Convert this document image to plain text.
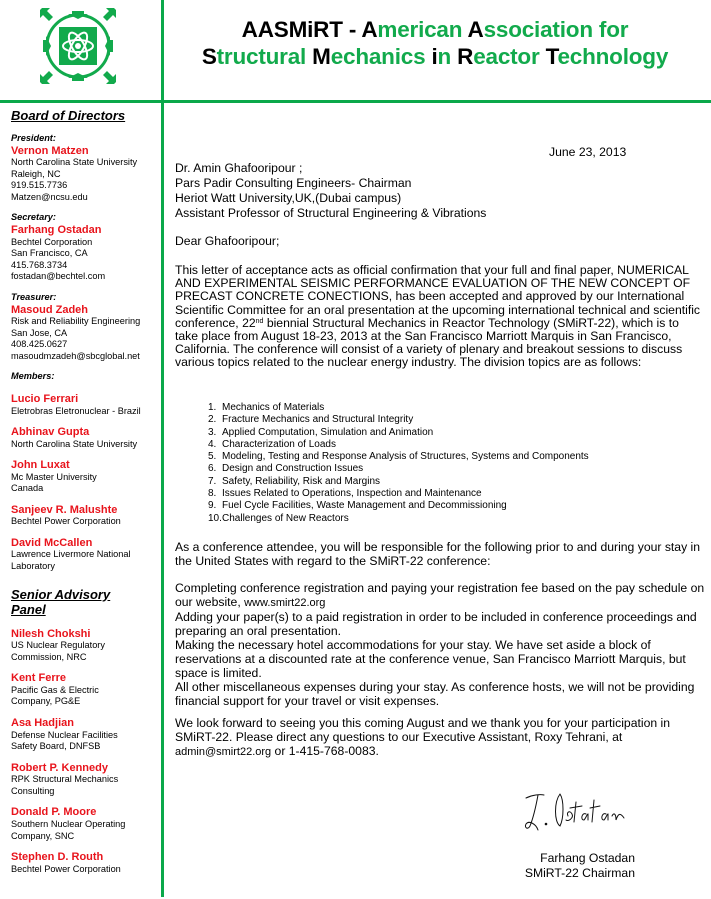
AASMiRT - American Association for
Structural Mechanics in Reactor Technology
Board of Directors
President:
Vernon Matzen
North Carolina State University
Raleigh, NC
919.515.7736
Matzen@ncsu.edu
Secretary:
Farhang Ostadan
Bechtel Corporation
San Francisco, CA
415.768.3734
fostadan@bechtel.com
Treasurer:
Masoud Zadeh
Risk and Reliability Engineering
San Jose, CA
408.425.0627
masoudmzadeh@sbcglobal.net
Members:
Lucio Ferrari
Eletrobras Eletronuclear - Brazil
Abhinav Gupta
North Carolina State University
John Luxat
Mc Master University
Canada
Sanjeev R. Malushte
Bechtel Power Corporation
David McCallen
Lawrence Livermore National
Laboratory
Senior Advisory
Panel
Nilesh Chokshi
US Nuclear Regulatory
Commission, NRC
Kent Ferre
Pacific Gas & Electric
Company, PG&E
Asa Hadjian
Defense Nuclear Facilities
Safety Board, DNFSB
Robert P. Kennedy
RPK Structural Mechanics
Consulting
Donald P. Moore
Southern Nuclear Operating
Company, SNC
Stephen D. Routh
Bechtel Power Corporation
June 23, 2013
Dr. Amin Ghafooripour ;
Pars Padir Consulting Engineers- Chairman
Heriot Watt University,UK,(Dubai campus)
Assistant Professor of Structural Engineering & Vibrations
Dear Ghafooripour;
This letter of acceptance acts as official confirmation that your full and final paper, NUMERICAL AND EXPERIMENTAL SEISMIC PERFORMANCE EVALUATION OF THE NEW CONCEPT OF PRECAST CONCRETE CONECTIONS, has been accepted and approved by our International Scientific Committee for an oral presentation at the upcoming international technical and scientific conference, 22nd biennial Structural Mechanics in Reactor Technology (SMiRT-22), which is to take place from August 18-23, 2013 at the San Francisco Marriott Marquis in San Francisco, California. The conference will consist of a variety of plenary and breakout sessions to discuss various topics related to the nuclear energy industry. The division topics are as follows:
1. Mechanics of Materials
2. Fracture Mechanics and Structural Integrity
3. Applied Computation, Simulation and Animation
4. Characterization of Loads
5. Modeling, Testing and Response Analysis of Structures, Systems and Components
6. Design and Construction Issues
7. Safety, Reliability, Risk and Margins
8. Issues Related to Operations, Inspection and Maintenance
9. Fuel Cycle Facilities, Waste Management and Decommissioning
10.Challenges of New Reactors
As a conference attendee, you will be responsible for the following prior to and during your stay in the United States with regard to the SMiRT-22 conference:
Completing conference registration and paying your registration fee based on the pay schedule on our website, www.smirt22.org
Adding your paper(s) to a paid registration in order to be included in conference proceedings and preparing an oral presentation.
Making the necessary hotel accommodations for your stay. We have set aside a block of reservations at a discounted rate at the conference venue, San Francisco Marriott Marquis, but space is limited.
All other miscellaneous expenses during your stay. As conference hosts, we will not be providing financial support for your travel or visit expenses.
We look forward to seeing you this coming August and we thank you for your participation in SMiRT-22. Please direct any questions to our Executive Assistant, Roxy Tehrani, at admin@smirt22.org or 1-415-768-0083.
Farhang Ostadan
SMiRT-22 Chairman
